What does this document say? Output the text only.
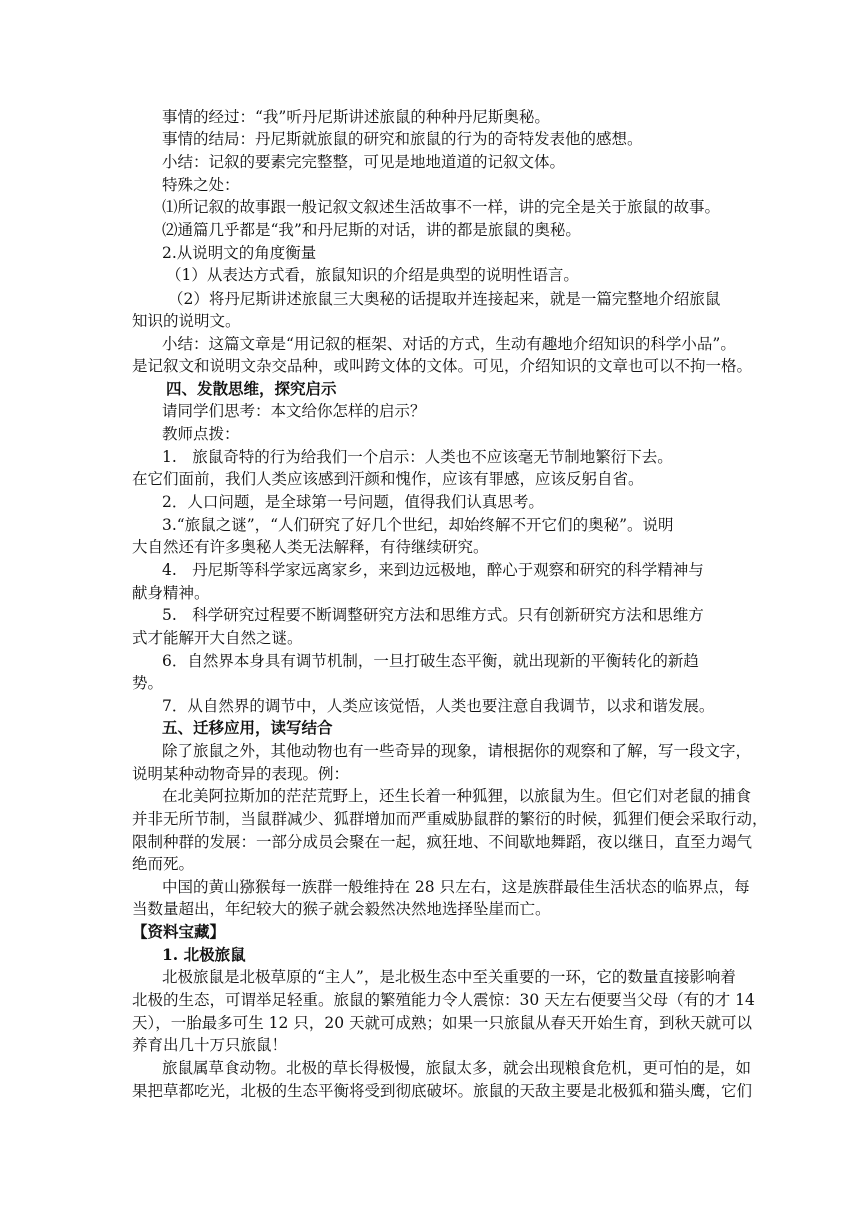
事情的经过：“我”听丹尼斯讲述旅鼠的种种丹尼斯奥秘。

事情的结局：丹尼斯就旅鼠的研究和旅鼠的行为的奇特发表他的感想。

小结：记叙的要素完完整整，可见是地地道道的记叙文体。

特殊之处：

⑴所记叙的故事跟一般记叙文叙述生活故事不一样，讲的完全是关于旅鼠的故事。

⑵通篇几乎都是“我”和丹尼斯的对话，讲的都是旅鼠的奥秘。

2.从说明文的角度衡量

（1）从表达方式看，旅鼠知识的介绍是典型的说明性语言。

（2）将丹尼斯讲述旅鼠三大奥秘的话提取并连接起来，就是一篇完整地介绍旅鼠

知识的说明文。

小结：这篇文章是“用记叙的框架、对话的方式，生动有趣地介绍知识的科学小品”。

是记叙文和说明文杂交品种，或叫跨文体的文体。可见，介绍知识的文章也可以不拘一格。

四、发散思维，探究启示

请同学们思考：本文给你怎样的启示？

教师点拨：

1.　旅鼠奇特的行为给我们一个启示：人类也不应该毫无节制地繁衍下去。

在它们面前，我们人类应该感到汗颜和愧作，应该有罪感，应该反躬自省。

2．人口问题，是全球第一号问题，值得我们认真思考。

3.“旅鼠之谜”，“人们研究了好几个世纪，却始终解不开它们的奥秘”。说明

大自然还有许多奥秘人类无法解释，有待继续研究。

4.　丹尼斯等科学家远离家乡，来到边远极地，醉心于观察和研究的科学精神与

献身精神。

5.　科学研究过程要不断调整研究方法和思维方式。只有创新研究方法和思维方

式才能解开大自然之谜。

6．自然界本身具有调节机制，一旦打破生态平衡，就出现新的平衡转化的新趋

势。

7．从自然界的调节中，人类应该觉悟，人类也要注意自我调节，以求和谐发展。

五、迁移应用，读写结合

除了旅鼠之外，其他动物也有一些奇异的现象，请根据你的观察和了解，写一段文字，

说明某种动物奇异的表现。例：

在北美阿拉斯加的茫茫荒野上，还生长着一种狐狸，以旅鼠为生。但它们对老鼠的捕食

并非无所节制，当鼠群减少、狐群增加而严重威胁鼠群的繁衍的时候，狐狸们便会采取行动，

限制种群的发展：一部分成员会聚在一起，疯狂地、不间歇地舞蹈，夜以继日，直至力竭气

绝而死。

中国的黄山猕猴每一族群一般维持在 28 只左右，这是族群最佳生活状态的临界点，每

当数量超出，年纪较大的猴子就会毅然决然地选择坠崖而亡。

【资料宝藏】

1. 北极旅鼠

北极旅鼠是北极草原的“主人”，是北极生态中至关重要的一环，它的数量直接影响着

北极的生态，可谓举足轻重。旅鼠的繁殖能力令人震惊：30 天左右便要当父母（有的才 14

天），一胎最多可生 12 只，20 天就可成熟；如果一只旅鼠从春天开始生育，到秋天就可以

养育出几十万只旅鼠！

旅鼠属草食动物。北极的草长得极慢，旅鼠太多，就会出现粮食危机，更可怕的是，如

果把草都吃光，北极的生态平衡将受到彻底破坏。旅鼠的天敌主要是北极狐和猫头鹰，它们
